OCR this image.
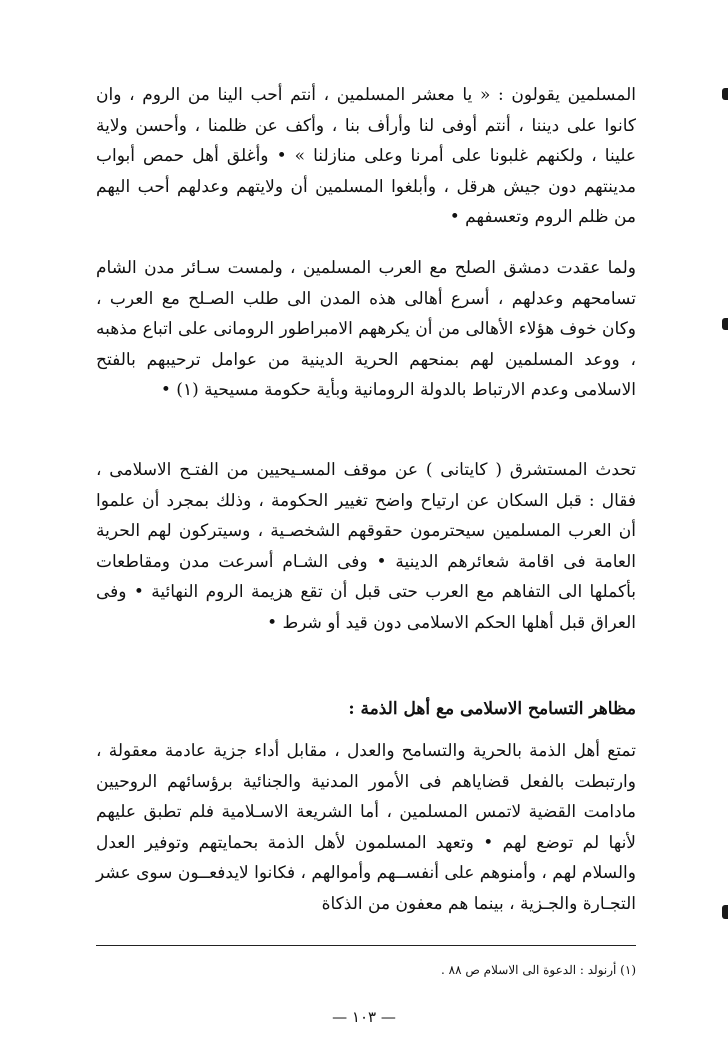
المسلمين يقولون : « يا معشر المسلمين ، أنتم أحب الينا من الروم ، وان كانوا على ديننا ، أنتم أوفى لنا وأرأف بنا ، وأكف عن ظلمنا ، وأحسن ولاية علينا ، ولكنهم غلبونا على أمرنا وعلى منازلنا » • وأغلق أهل حمص أبواب مدينتهم دون جيش هرقل ، وأبلغوا المسلمين أن ولايتهم وعدلهم أحب اليهم من ظلم الروم وتعسفهم •

ولما عقدت دمشق الصلح مع العرب المسلمين ، ولمست سـائر مدن الشام تسامحهم وعدلهم ، أسرع أهالى هذه المدن الى طلب الصـلح مع العرب ، وكان خوف هؤلاء الأهالى من أن يكرههم الامبراطور الرومانى على اتباع مذهبه ، ووعد المسلمين لهم بمنحهم الحرية الدينية من عوامل ترحيبهم بالفتح الاسلامى وعدم الارتباط بالدولة الرومانية وبأية حكومة مسيحية (١) •

تحدث المستشرق ( كايتانى ) عن موقف المسـيحيين من الفتـح الاسلامى ، فقال : قبل السكان عن ارتياح واضح تغيير الحكومة ، وذلك بمجرد أن علموا أن العرب المسلمين سيحترمون حقوقهم الشخصـية ، وسيتركون لهم الحرية العامة فى اقامة شعائرهم الدينية • وفى الشـام أسرعت مدن ومقاطعات بأكملها الى التفاهم مع العرب حتى قبل أن تقع هزيمة الروم النهائية • وفى العراق قبل أهلها الحكم الاسلامى دون قيد أو شرط •

مظاهر التسامح الاسلامى مع أهل الذمة :

تمتع أهل الذمة بالحرية والتسامح والعدل ، مقابل أداء جزية عادمة معقولة ، وارتبطت بالفعل قضاياهم فى الأمور المدنية والجنائية برؤسائهم الروحيين مادامت القضية لاتمس المسلمين ، أما الشريعة الاسـلامية فلم تطبق عليهم لأنها لم توضع لهم • وتعهد المسلمون لأهل الذمة بحمايتهم وتوفير العدل والسلام لهم ، وأمنوهم على أنفســهم وأموالهم ، فكانوا لايدفعــون سوى عشر التجـارة والجـزية ، بينما هم معفون من الذكاة

(١) أرنولد : الدعوة الى الاسلام ص ٨٨ .
— ١٠٣ —
